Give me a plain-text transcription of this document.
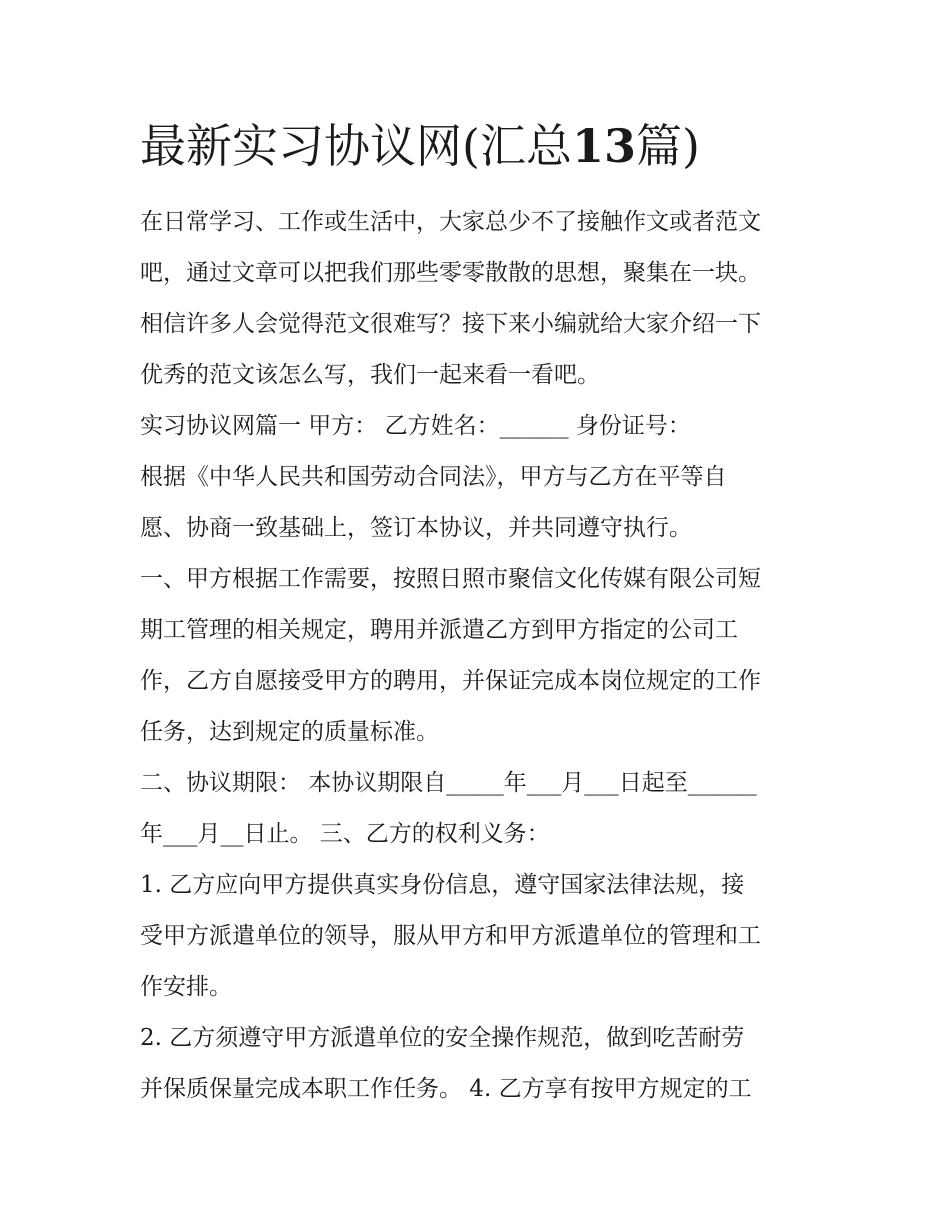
最新实习协议网(汇总13篇)

在日常学习、工作或生活中，大家总少不了接触作文或者范文

吧，通过文章可以把我们那些零零散散的思想，聚集在一块。

相信许多人会觉得范文很难写？接下来小编就给大家介绍一下

优秀的范文该怎么写，我们一起来看一看吧。

实习协议网篇一 甲方： 乙方姓名：______ 身份证号：

根据《中华人民共和国劳动合同法》，甲方与乙方在平等自

愿、协商一致基础上，签订本协议，并共同遵守执行。

一、甲方根据工作需要，按照日照市聚信文化传媒有限公司短

期工管理的相关规定，聘用并派遣乙方到甲方指定的公司工

作，乙方自愿接受甲方的聘用，并保证完成本岗位规定的工作

任务，达到规定的质量标准。

二、协议期限： 本协议期限自_____年___月___日起至______

年___月__日止。 三、乙方的权利义务：

1. 乙方应向甲方提供真实身份信息，遵守国家法律法规，接

受甲方派遣单位的领导，服从甲方和甲方派遣单位的管理和工

作安排。

2. 乙方须遵守甲方派遣单位的安全操作规范，做到吃苦耐劳

并保质保量完成本职工作任务。 4. 乙方享有按甲方规定的工
